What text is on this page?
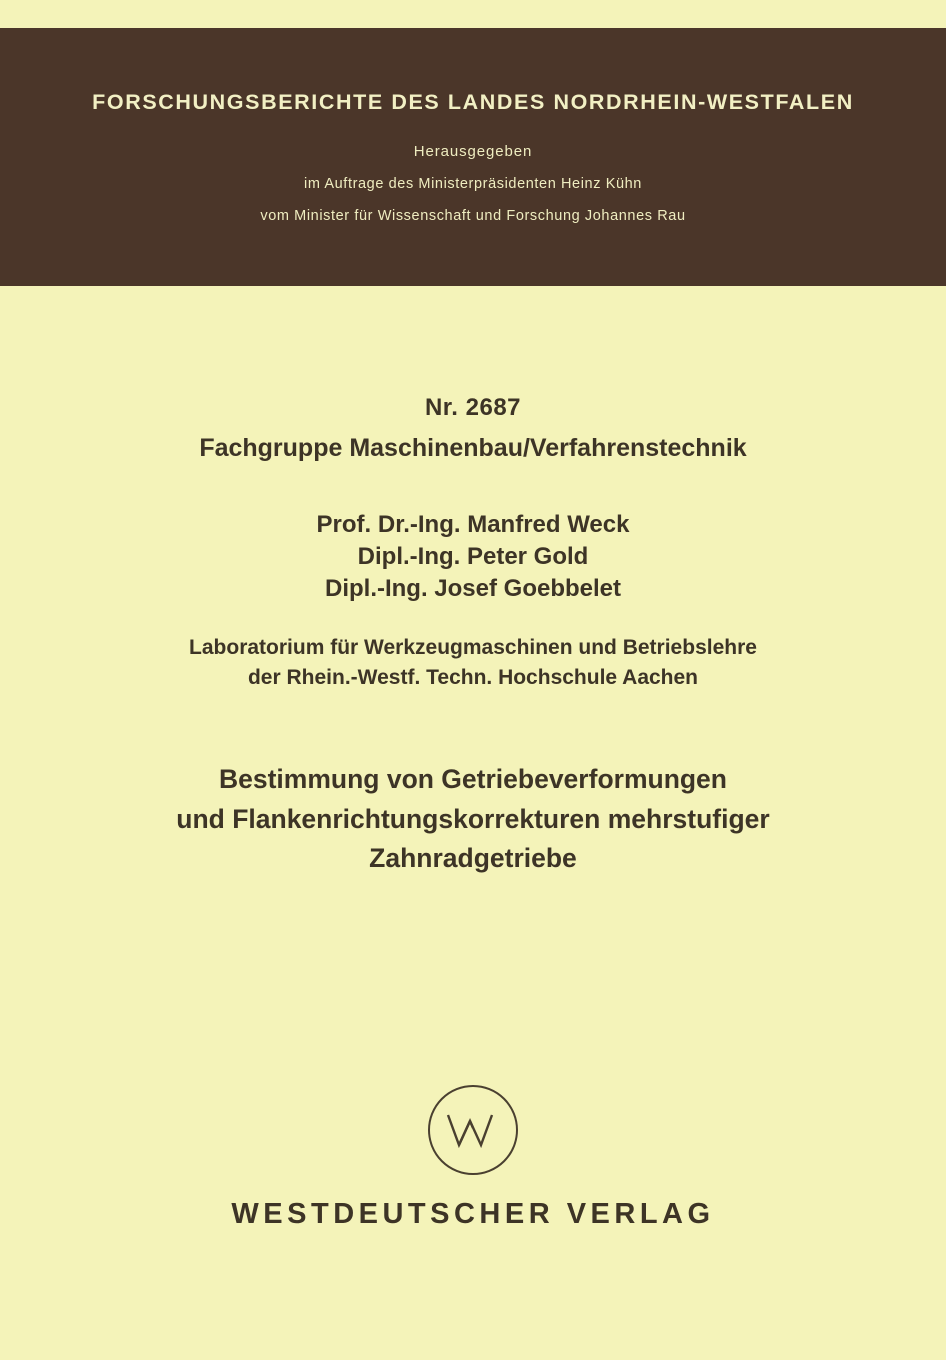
FORSCHUNGSBERICHTE DES LANDES NORDRHEIN-WESTFALEN
Herausgegeben
im Auftrage des Ministerpräsidenten Heinz Kühn
vom Minister für Wissenschaft und Forschung Johannes Rau
Nr. 2687
Fachgruppe Maschinenbau/Verfahrenstechnik
Prof. Dr.-Ing. Manfred Weck
Dipl.-Ing. Peter Gold
Dipl.-Ing. Josef Goebbelet
Laboratorium für Werkzeugmaschinen und Betriebslehre
der Rhein.-Westf. Techn. Hochschule Aachen
Bestimmung von Getriebeverformungen
und Flankenrichtungskorrekturen mehrstufiger
Zahnradgetriebe
WESTDEUTSCHER VERLAG
